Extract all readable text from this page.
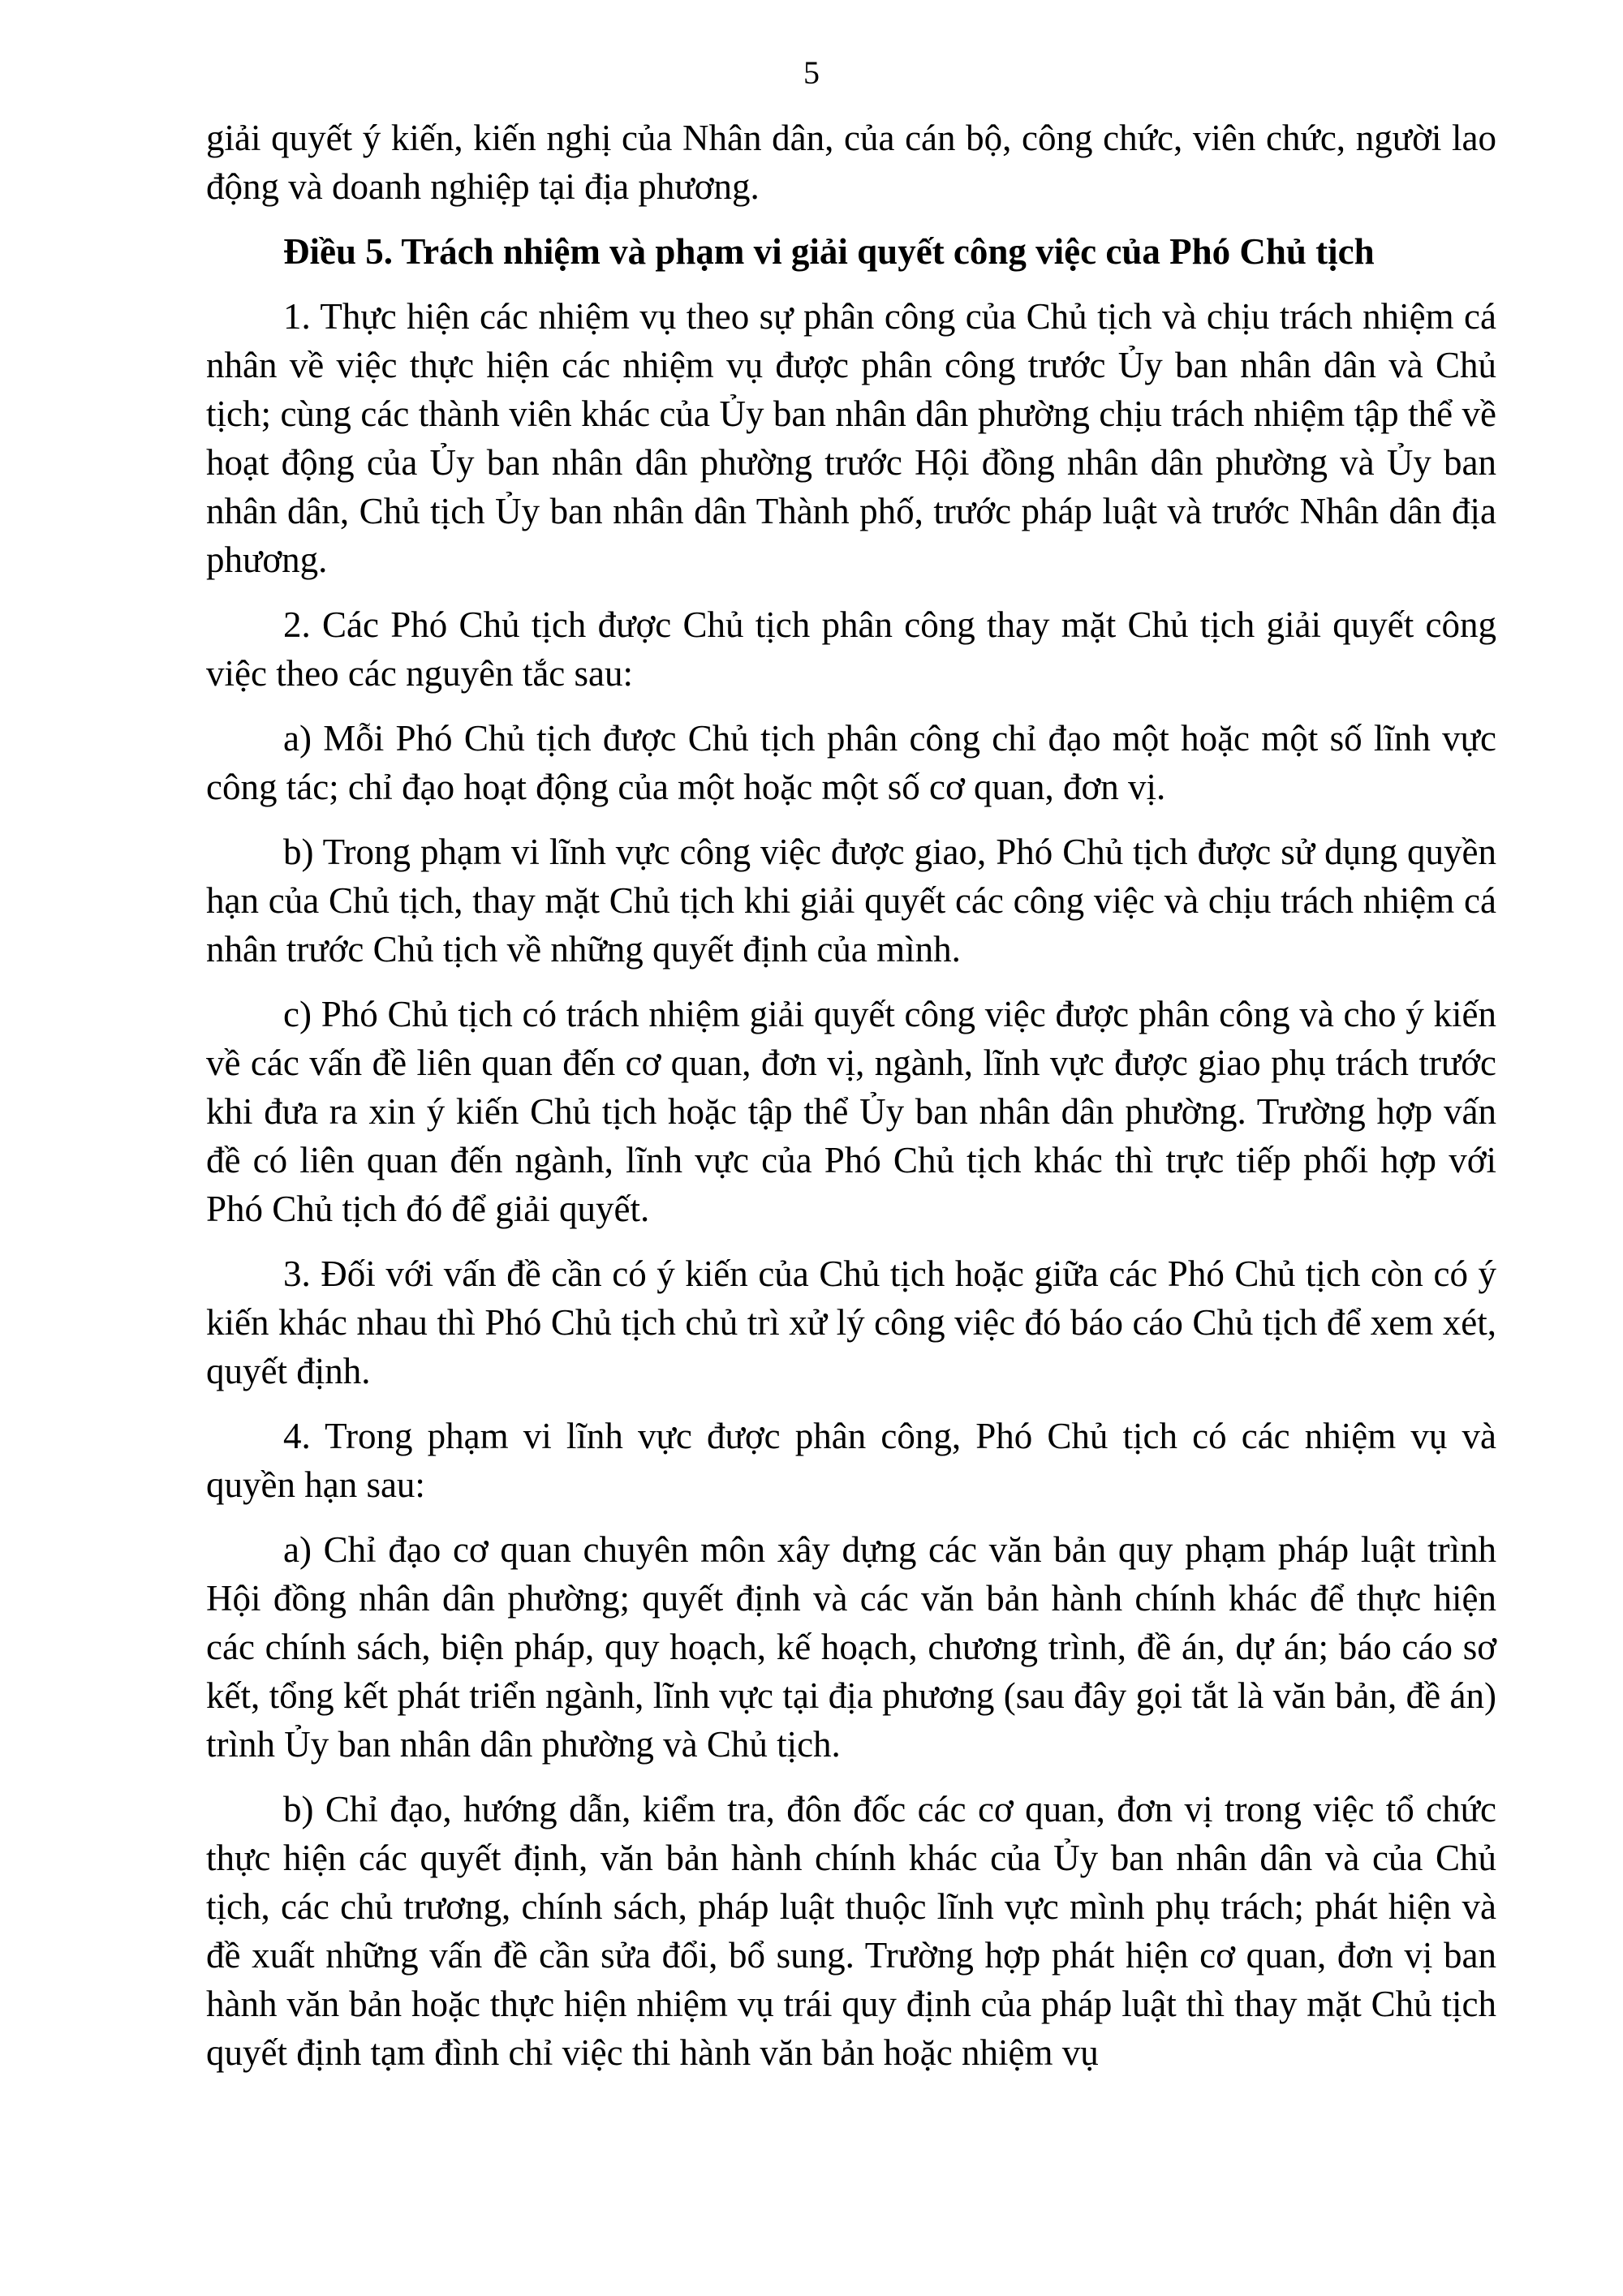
5

giải quyết ý kiến, kiến nghị của Nhân dân, của cán bộ, công chức, viên chức, người lao động và doanh nghiệp tại địa phương.

Điều 5. Trách nhiệm và phạm vi giải quyết công việc của Phó Chủ tịch

1. Thực hiện các nhiệm vụ theo sự phân công của Chủ tịch và chịu trách nhiệm cá nhân về việc thực hiện các nhiệm vụ được phân công trước Ủy ban nhân dân và Chủ tịch; cùng các thành viên khác của Ủy ban nhân dân phường chịu trách nhiệm tập thể về hoạt động của Ủy ban nhân dân phường trước Hội đồng nhân dân phường và Ủy ban nhân dân, Chủ tịch Ủy ban nhân dân Thành phố, trước pháp luật và trước Nhân dân địa phương.

2. Các Phó Chủ tịch được Chủ tịch phân công thay mặt Chủ tịch giải quyết công việc theo các nguyên tắc sau:

a) Mỗi Phó Chủ tịch được Chủ tịch phân công chỉ đạo một hoặc một số lĩnh vực công tác; chỉ đạo hoạt động của một hoặc một số cơ quan, đơn vị.

b) Trong phạm vi lĩnh vực công việc được giao, Phó Chủ tịch được sử dụng quyền hạn của Chủ tịch, thay mặt Chủ tịch khi giải quyết các công việc và chịu trách nhiệm cá nhân trước Chủ tịch về những quyết định của mình.

c) Phó Chủ tịch có trách nhiệm giải quyết công việc được phân công và cho ý kiến về các vấn đề liên quan đến cơ quan, đơn vị, ngành, lĩnh vực được giao phụ trách trước khi đưa ra xin ý kiến Chủ tịch hoặc tập thể Ủy ban nhân dân phường. Trường hợp vấn đề có liên quan đến ngành, lĩnh vực của Phó Chủ tịch khác thì trực tiếp phối hợp với Phó Chủ tịch đó để giải quyết.

3. Đối với vấn đề cần có ý kiến của Chủ tịch hoặc giữa các Phó Chủ tịch còn có ý kiến khác nhau thì Phó Chủ tịch chủ trì xử lý công việc đó báo cáo Chủ tịch để xem xét, quyết định.

4. Trong phạm vi lĩnh vực được phân công, Phó Chủ tịch có các nhiệm vụ và quyền hạn sau:

a) Chỉ đạo cơ quan chuyên môn xây dựng các văn bản quy phạm pháp luật trình Hội đồng nhân dân phường; quyết định và các văn bản hành chính khác để thực hiện các chính sách, biện pháp, quy hoạch, kế hoạch, chương trình, đề án, dự án; báo cáo sơ kết, tổng kết phát triển ngành, lĩnh vực tại địa phương (sau đây gọi tắt là văn bản, đề án) trình Ủy ban nhân dân phường và Chủ tịch.

b) Chỉ đạo, hướng dẫn, kiểm tra, đôn đốc các cơ quan, đơn vị trong việc tổ chức thực hiện các quyết định, văn bản hành chính khác của Ủy ban nhân dân và của Chủ tịch, các chủ trương, chính sách, pháp luật thuộc lĩnh vực mình phụ trách; phát hiện và đề xuất những vấn đề cần sửa đổi, bổ sung. Trường hợp phát hiện cơ quan, đơn vị ban hành văn bản hoặc thực hiện nhiệm vụ trái quy định của pháp luật thì thay mặt Chủ tịch quyết định tạm đình chỉ việc thi hành văn bản hoặc nhiệm vụ
